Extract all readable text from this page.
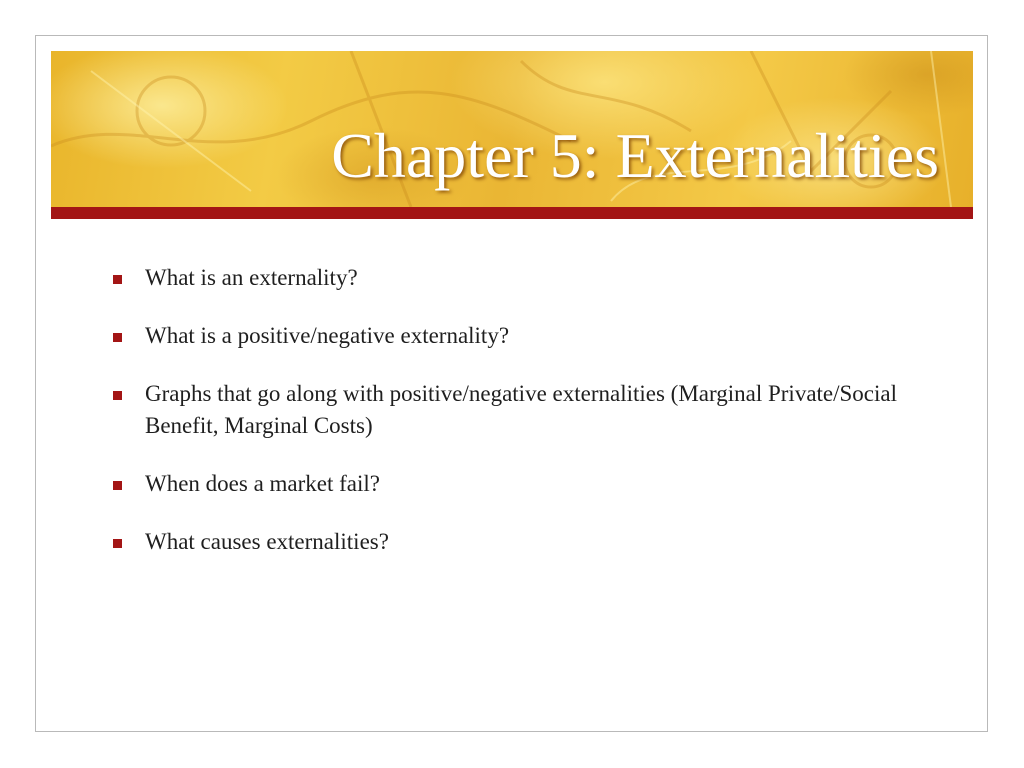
Chapter 5: Externalities
What is an externality?
What is a positive/negative externality?
Graphs that go along with positive/negative externalities (Marginal Private/Social Benefit, Marginal Costs)
When does a market fail?
What causes externalities?
